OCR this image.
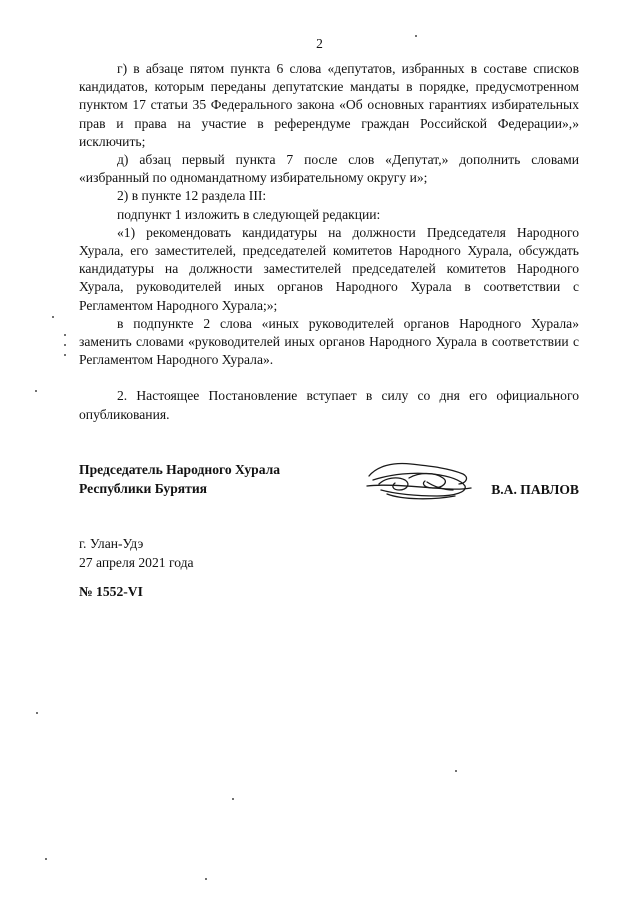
2

г) в абзаце пятом пункта 6 слова «депутатов, избранных в составе списков кандидатов, которым переданы депутатские мандаты в порядке, предусмотренном пунктом 17 статьи 35 Федерального закона «Об основных гарантиях избирательных прав и права на участие в референдуме граждан Российской Федерации»,» исключить;

д) абзац первый пункта 7 после слов «Депутат,» дополнить словами «избранный по одномандатному избирательному округу и»;

2) в пункте 12 раздела III:

подпункт 1 изложить в следующей редакции:

«1) рекомендовать кандидатуры на должности Председателя Народного Хурала, его заместителей, председателей комитетов Народного Хурала, обсуждать кандидатуры на должности заместителей председателей комитетов Народного Хурала, руководителей иных органов Народного Хурала в соответствии с Регламентом Народного Хурала;»;

в подпункте 2 слова «иных руководителей органов Народного Хурала» заменить словами «руководителей иных органов Народного Хурала в соответствии с Регламентом Народного Хурала».

2. Настоящее Постановление вступает в силу со дня его официального опубликования.

Председатель Народного Хурала
Республики Бурятия	В.А. ПАВЛОВ
г. Улан-Удэ
27 апреля 2021 года
№ 1552-VI
